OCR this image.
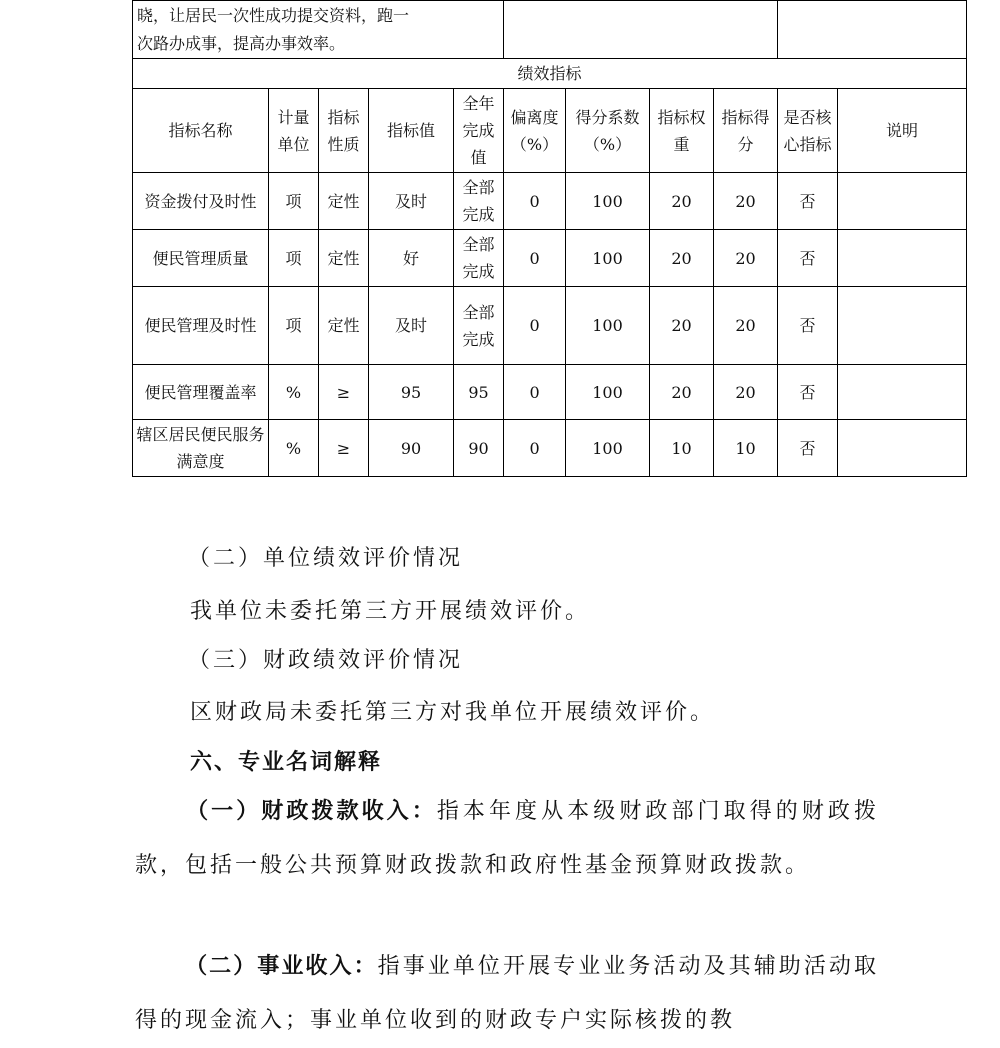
晓，让居民一次性成功提交资料，跑一
次路办成事，提高办事效率。										
绩效指标										
指标名称	计量单位	指标性质	指标值	全年完成值	偏离度（%）	得分系数（%）	指标权重	指标得分	是否核心指标	说明
资金拨付及时性	项	定性	及时	全部完成	0	100	20	20	否	
便民管理质量	项	定性	好	全部完成	0	100	20	20	否	
便民管理及时性	项	定性	及时	全部完成	0	100	20	20	否	
便民管理覆盖率	%	≥	95	95	0	100	20	20	否	
辖区居民便民服务满意度	%	≥	90	90	0	100	10	10	否	
（二）单位绩效评价情况
我单位未委托第三方开展绩效评价。
（三）财政绩效评价情况
区财政局未委托第三方对我单位开展绩效评价。
六、专业名词解释
（一）财政拨款收入：指本年度从本级财政部门取得的财政拨款，包括一般公共预算财政拨款和政府性基金预算财政拨款。
（二）事业收入：指事业单位开展专业业务活动及其辅助活动取得的现金流入；事业单位收到的财政专户实际核拨的教
